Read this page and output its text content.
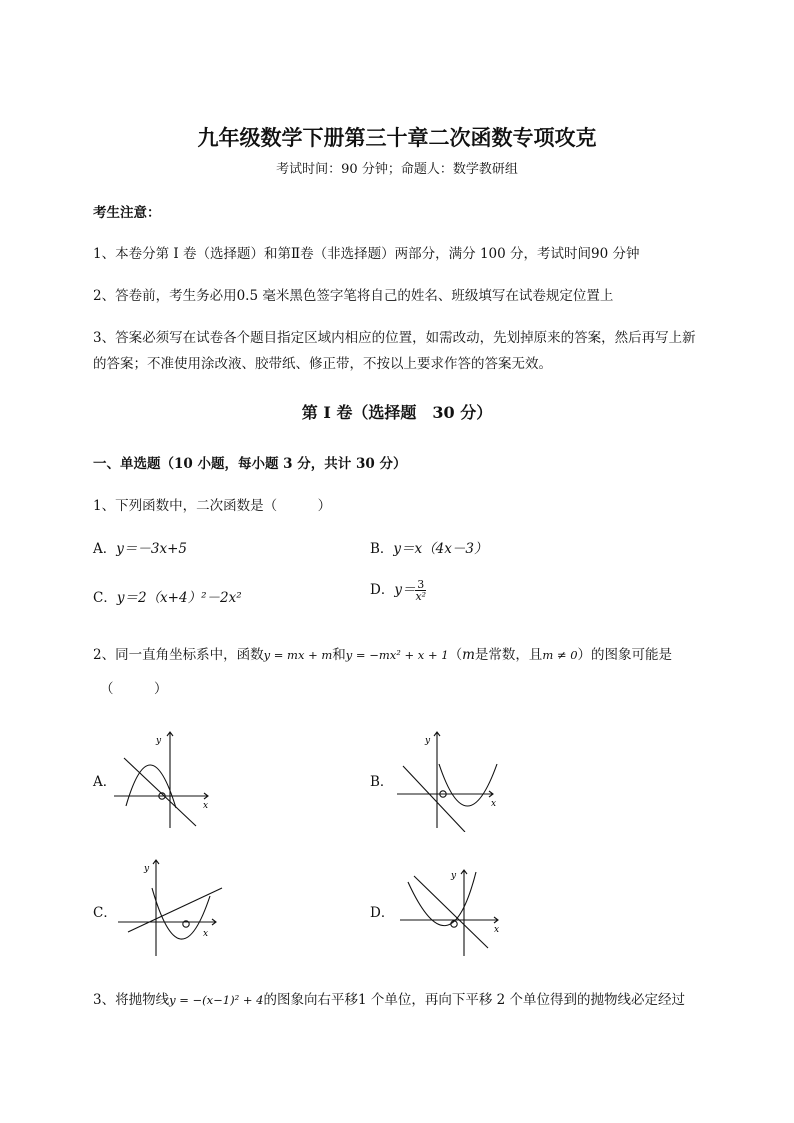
九年级数学下册第三十章二次函数专项攻克
考试时间：90 分钟；命题人：数学教研组
考生注意：
1、本卷分第 I 卷（选择题）和第Ⅱ卷（非选择题）两部分，满分 100 分，考试时间90 分钟
2、答卷前，考生务必用0.5 毫米黑色签字笔将自己的姓名、班级填写在试卷规定位置上
3、答案必须写在试卷各个题目指定区域内相应的位置，如需改动，先划掉原来的答案，然后再写上新
的答案；不准使用涂改液、胶带纸、修正带，不按以上要求作答的答案无效。
第 I 卷（选择题　30 分）
一、单选题（10 小题，每小题 3 分，共计 30 分）
1、下列函数中，二次函数是（　　　）
A．y＝－3x+5	B．y＝x（4x－3）
C．y＝2（x+4）²－2x²	D．$y= \frac{3}{\text{x²}}$
2、同一直角坐标系中，函数y = mx + m和y = −mx² + x + 1（m是常数，且m ≠ 0）的图象可能是
（　　　）
A．	B．
C．	D．
y
x
y
x
y
x
y
x
3、将抛物线y = −(x−1)² + 4的图象向右平移1 个单位，再向下平移 2 个单位得到的抛物线必定经过
